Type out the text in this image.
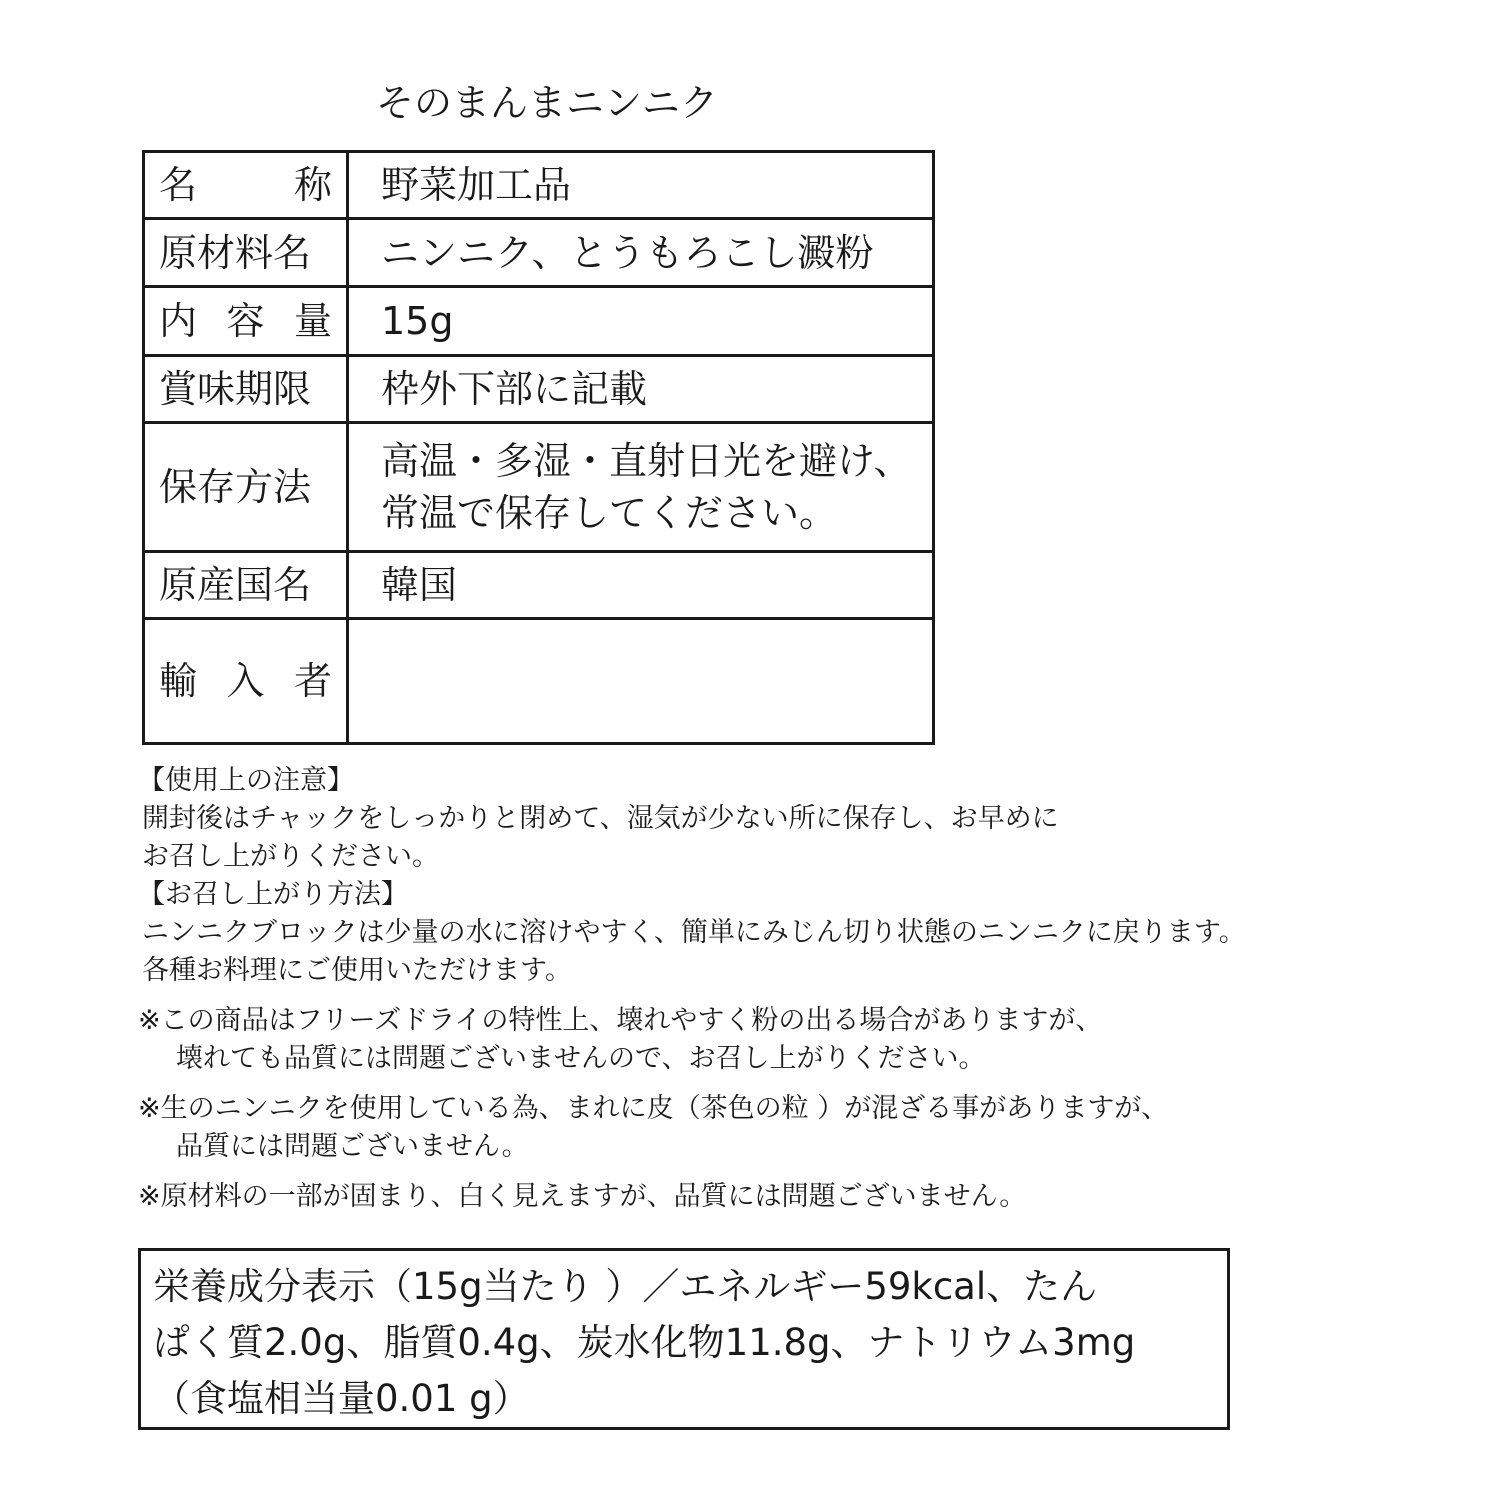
そのまんまニンニク
名 称	野菜加工品
原材料名	ニンニク、とうもろこし澱粉

内 容 量	15g
賞味期限	枠外下部に記載
保存方法	高温・多湿・直射日光を避け、
常温で保存してください。

原産国名	韓国

輸 入 者	

【使用上の注意】
開封後はチャックをしっかりと閉めて、湿気が少ない所に保存し、お早めに
お召し上がりください。
【お召し上がり方法】
ニンニクブロックは少量の水に溶けやすく、簡単にみじん切り状態のニンニクに戻ります。
各種お料理にご使用いただけます。
※この商品はフリーズドライの特性上、壊れやすく粉の出る場合がありますが、
壊れても品質には問題ございませんので、お召し上がりください。
※生のニンニクを使用している為、まれに皮（茶色の粒 ）が混ざる事がありますが、
品質には問題ございません。
※原材料の一部が固まり、白く見えますが、品質には問題ございません。
栄養成分表示（15g当たり ）／エネルギー59kcal、たん
ぱく質2.0g、脂質0.4g、炭水化物11.8g、ナトリウム3mg
（食塩相当量0.01 g）
